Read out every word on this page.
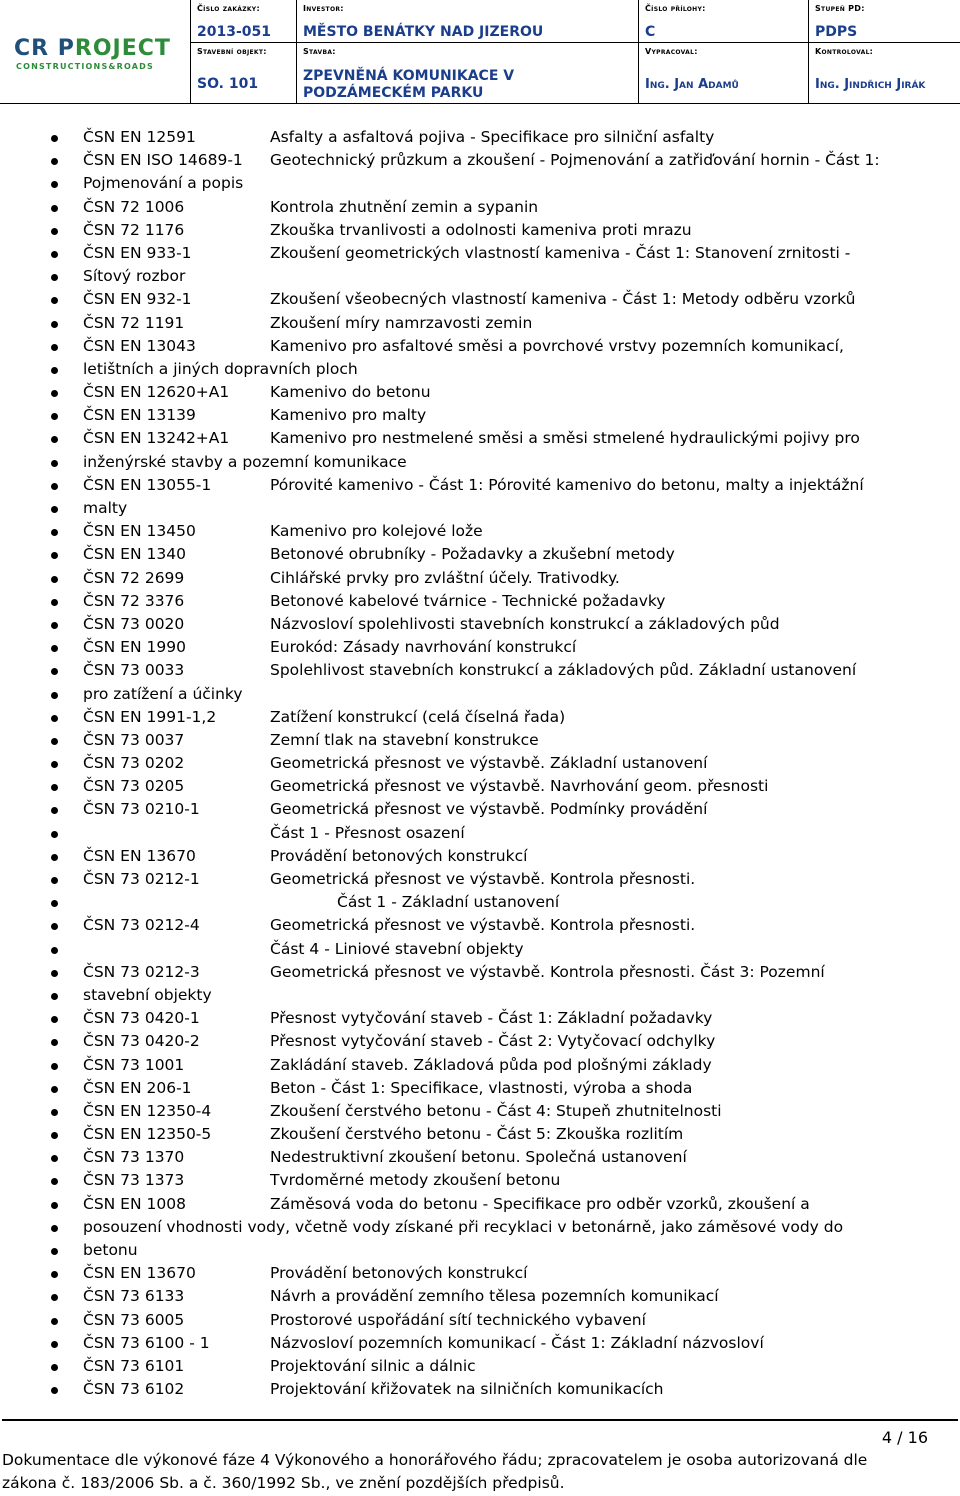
CR PROJECT
CONSTRUCTIONS&ROADS
Číslo zakázky:
2013-051
Investor:
MĚSTO BENÁTKY NAD JIZEROU
Číslo přílohy:
C
Stupeň PD:
PDPS
Stavební objekt:
SO. 101
Stavba:
ZPEVNĚNÁ KOMUNIKACE V PODZÁMECKÉM PARKU
Vypracoval:
Ing. Jan Adamů
Kontroloval:
Ing. Jindřich Jirák
ČSN EN 12591	Asfalty a asfaltová pojiva - Specifikace pro silniční asfalty
ČSN EN ISO 14689-1 Geotechnický průzkum a zkoušení - Pojmenování a zatřiďování hornin - Část 1:
Pojmenování a popis
ČSN 72 1006	Kontrola zhutnění zemin a sypanin
ČSN 72 1176	Zkouška trvanlivosti a odolnosti kameniva proti mrazu
ČSN EN 933-1	Zkoušení geometrických vlastností kameniva - Část 1: Stanovení zrnitosti -
Sítový rozbor
ČSN EN 932-1	Zkoušení všeobecných vlastností kameniva - Část 1: Metody odběru vzorků
ČSN 72 1191	Zkoušení míry namrzavosti zemin
ČSN EN 13043	Kamenivo pro asfaltové směsi a povrchové vrstvy pozemních komunikací,
letištních a jiných dopravních ploch
ČSN EN 12620+A1	Kamenivo do betonu
ČSN EN 13139	Kamenivo pro malty
ČSN EN 13242+A1	Kamenivo pro nestmelené směsi a směsi stmelené hydraulickými pojivy pro
inženýrské stavby a pozemní komunikace
ČSN EN 13055-1	Pórovité kamenivo - Část 1: Pórovité kamenivo do betonu, malty a injektážní
malty
ČSN EN 13450	Kamenivo pro kolejové lože
ČSN EN 1340	Betonové obrubníky - Požadavky a zkušební metody
ČSN 72 2699	Cihlářské prvky pro zvláštní účely. Trativodky.
ČSN 72 3376	Betonové kabelové tvárnice - Technické požadavky
ČSN 73 0020	Názvosloví spolehlivosti stavebních konstrukcí a základových půd
ČSN EN 1990	Eurokód: Zásady navrhování konstrukcí
ČSN 73 0033	Spolehlivost stavebních konstrukcí a základových půd. Základní ustanovení
pro zatížení a účinky
ČSN EN 1991-1,2	Zatížení konstrukcí (celá číselná řada)
ČSN 73 0037	Zemní tlak na stavební konstrukce
ČSN 73 0202	Geometrická přesnost ve výstavbě. Základní ustanovení
ČSN 73 0205	Geometrická přesnost ve výstavbě. Navrhování geom. přesnosti
ČSN 73 0210-1	Geometrická přesnost ve výstavbě. Podmínky provádění
Část 1 - Přesnost osazení
ČSN EN 13670	Provádění betonových konstrukcí
ČSN 73 0212-1	Geometrická přesnost ve výstavbě. Kontrola přesnosti.
Část 1 - Základní ustanovení
ČSN 73 0212-4	Geometrická přesnost ve výstavbě. Kontrola přesnosti.
Část 4 - Liniové stavební objekty
ČSN 73 0212-3	Geometrická přesnost ve výstavbě. Kontrola přesnosti. Část 3: Pozemní
stavební objekty
ČSN 73 0420-1	Přesnost vytyčování staveb - Část 1: Základní požadavky
ČSN 73 0420-2	Přesnost vytyčování staveb - Část 2: Vytyčovací odchylky
ČSN 73 1001	Zakládání staveb. Základová půda pod plošnými základy
ČSN EN 206-1	Beton - Část 1: Specifikace, vlastnosti, výroba a shoda
ČSN EN 12350-4	Zkoušení čerstvého betonu - Část 4: Stupeň zhutnitelnosti
ČSN EN 12350-5	Zkoušení čerstvého betonu - Část 5: Zkouška rozlitím
ČSN 73 1370	Nedestruktivní zkoušení betonu. Společná ustanovení
ČSN 73 1373	Tvrdoměrné metody zkoušení betonu
ČSN EN 1008	Záměsová voda do betonu - Specifikace pro odběr vzorků, zkoušení a
posouzení vhodnosti vody, včetně vody získané při recyklaci v betonárně, jako záměsové vody do
betonu
ČSN EN 13670	Provádění betonových konstrukcí
ČSN 73 6133	Návrh a provádění zemního tělesa pozemních komunikací
ČSN 73 6005	Prostorové uspořádání sítí technického vybavení
ČSN 73 6100 - 1	Názvosloví pozemních komunikací - Část 1: Základní názvosloví
ČSN 73 6101	Projektování silnic a dálnic
ČSN 73 6102	Projektování křižovatek na silničních komunikacích
4 / 16
Dokumentace dle výkonové fáze 4 Výkonového a honorářového řádu; zpracovatelem je osoba autorizovaná dle
zákona č. 183/2006 Sb. a č. 360/1992 Sb., ve znění pozdějších předpisů.
